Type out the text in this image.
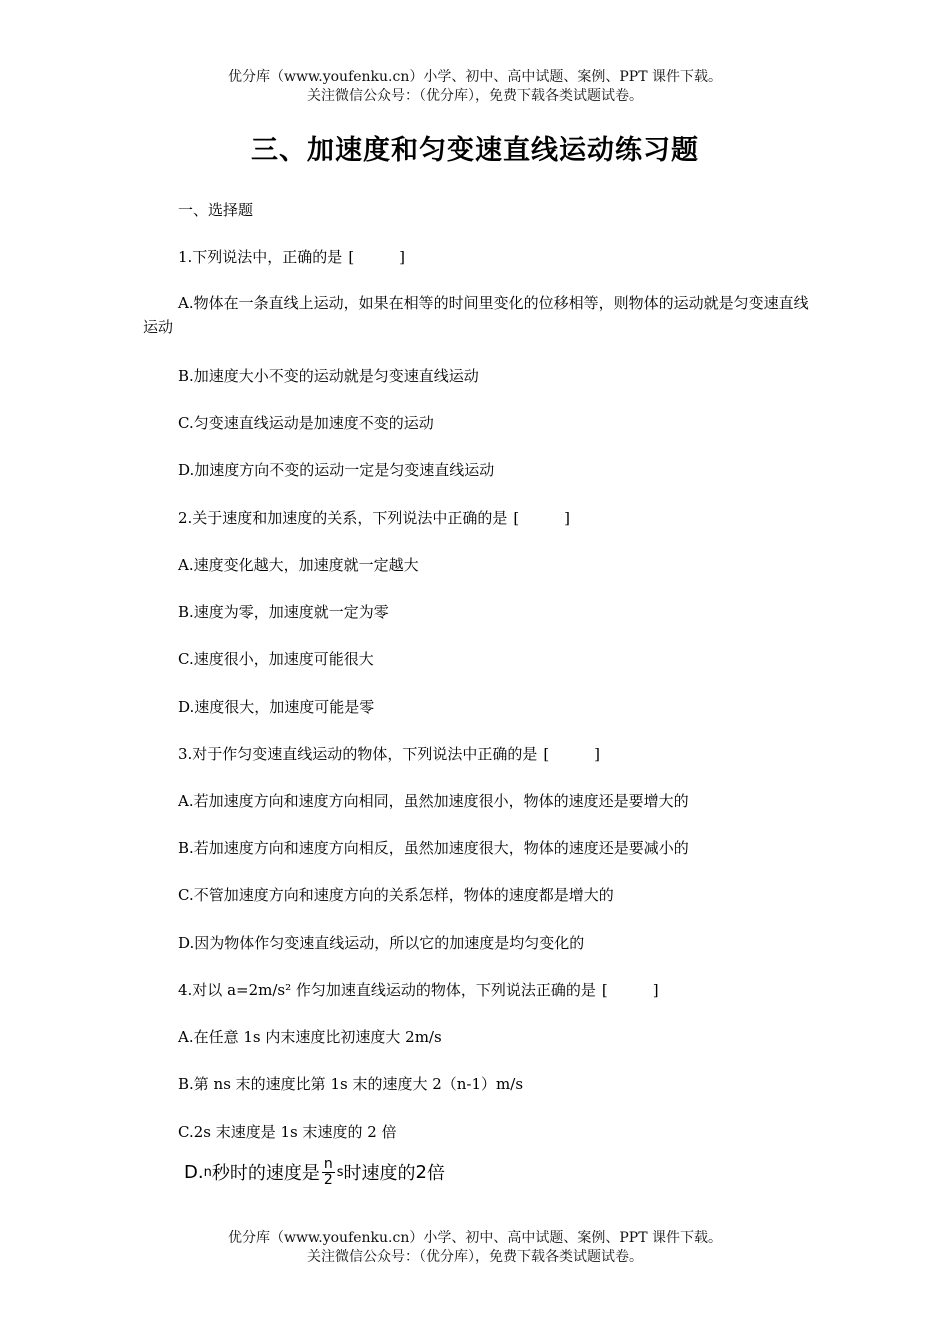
优分库（www.youfenku.cn）小学、初中、高中试题、案例、PPT 课件下载。
关注微信公众号：（优分库），免费下载各类试题试卷。
三、加速度和匀变速直线运动练习题
一、选择题
1.下列说法中，正确的是 [　　　]
A.物体在一条直线上运动，如果在相等的时间里变化的位移相等，则物体的运动就是匀变速直线运动
B.加速度大小不变的运动就是匀变速直线运动
C.匀变速直线运动是加速度不变的运动
D.加速度方向不变的运动一定是匀变速直线运动
2.关于速度和加速度的关系，下列说法中正确的是 [　　　]
A.速度变化越大，加速度就一定越大
B.速度为零，加速度就一定为零
C.速度很小，加速度可能很大
D.速度很大，加速度可能是零
3.对于作匀变速直线运动的物体，下列说法中正确的是 [　　　]
A.若加速度方向和速度方向相同，虽然加速度很小，物体的速度还是要增大的
B.若加速度方向和速度方向相反，虽然加速度很大，物体的速度还是要减小的
C.不管加速度方向和速度方向的关系怎样，物体的速度都是增大的
D.因为物体作匀变速直线运动，所以它的加速度是均匀变化的
4.对以 a=2m/s² 作匀加速直线运动的物体，下列说法正确的是 [　　　]
A.在任意 1s 内末速度比初速度大 2m/s
B.第 ns 末的速度比第 1s 末的速度大 2（n-1）m/s
C.2s 末速度是 1s 末速度的 2 倍
D. n 秒时的速度是 $\frac{n}{2}$ s 时速度的 2 倍
优分库（www.youfenku.cn）小学、初中、高中试题、案例、PPT 课件下载。
关注微信公众号：（优分库），免费下载各类试题试卷。
